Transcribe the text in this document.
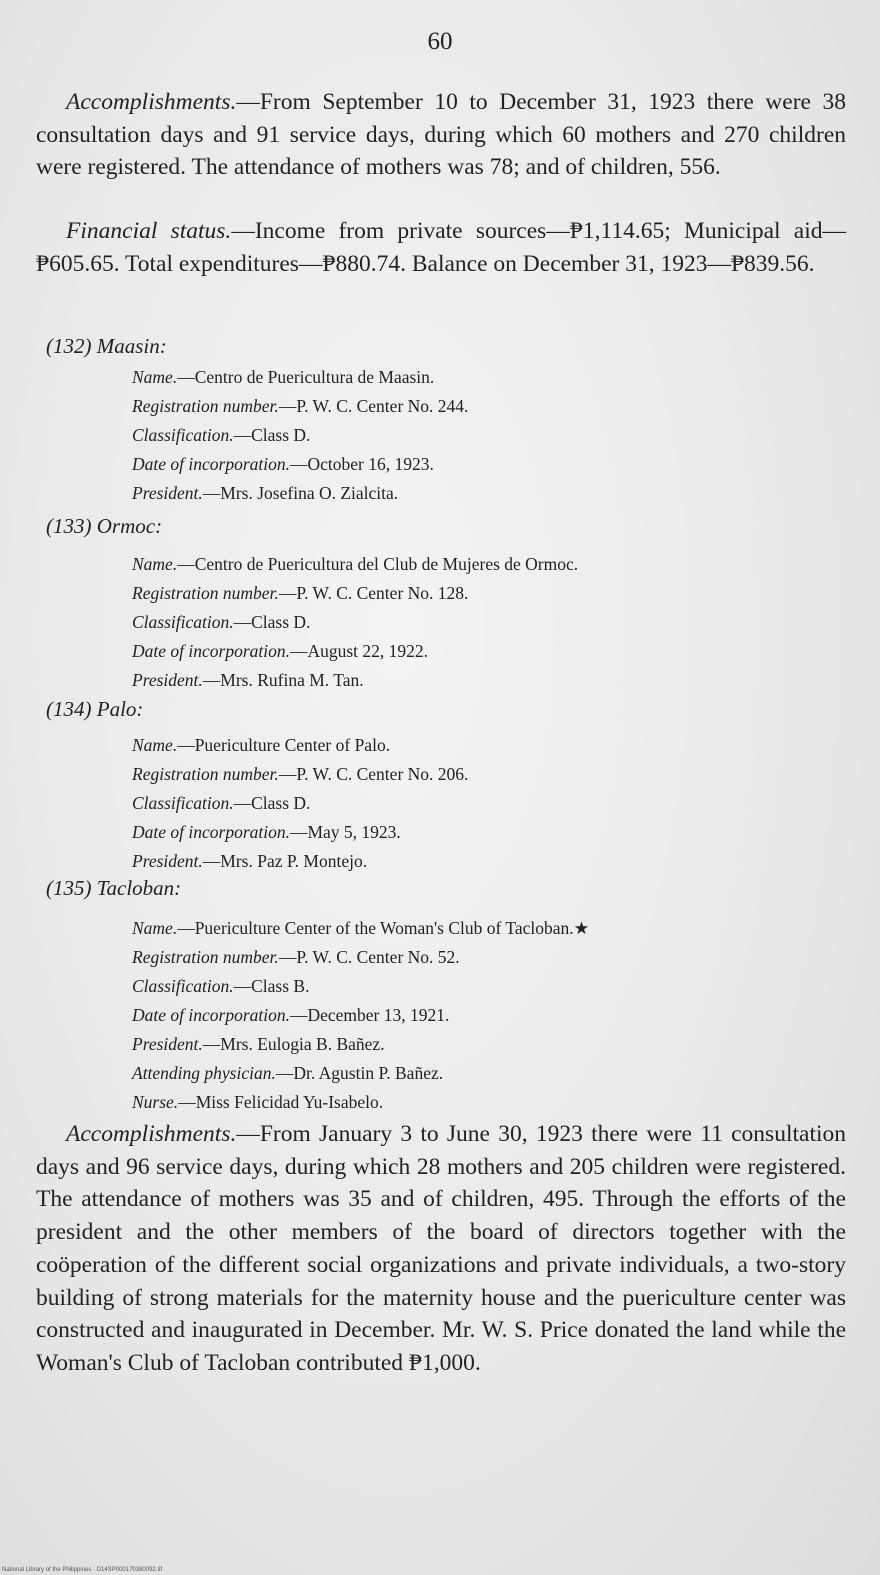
60

Accomplishments.—From September 10 to December 31, 1923 there were 38 consultation days and 91 service days, during which 60 mothers and 270 children were registered. The attendance of mothers was 78; and of children, 556.

Financial status.—Income from private sources—₱1,114.65; Municipal aid—₱605.65. Total expenditures—₱880.74. Balance on December 31, 1923—₱839.56.

(132) Maasin:
Name.—Centro de Puericultura de Maasin.
Registration number.—P. W. C. Center No. 244.
Classification.—Class D.
Date of incorporation.—October 16, 1923.
President.—Mrs. Josefina O. Zialcita.
(133) Ormoc:
Name.—Centro de Puericultura del Club de Mujeres de Ormoc.
Registration number.—P. W. C. Center No. 128.
Classification.—Class D.
Date of incorporation.—August 22, 1922.
President.—Mrs. Rufina M. Tan.
(134) Palo:
Name.—Puericulture Center of Palo.
Registration number.—P. W. C. Center No. 206.
Classification.—Class D.
Date of incorporation.—May 5, 1923.
President.—Mrs. Paz P. Montejo.
(135) Tacloban:
Name.—Puericulture Center of the Woman's Club of Tacloban.★
Registration number.—P. W. C. Center No. 52.
Classification.—Class B.
Date of incorporation.—December 13, 1921.
President.—Mrs. Eulogia B. Bañez.
Attending physician.—Dr. Agustin P. Bañez.
Nurse.—Miss Felicidad Yu-Isabelo.

Accomplishments.—From January 3 to June 30, 1923 there were 11 consultation days and 96 service days, during which 28 mothers and 205 children were registered. The attendance of mothers was 35 and of children, 495. Through the efforts of the president and the other members of the board of directors together with the coöperation of the different social organizations and private individuals, a two-story building of strong materials for the maternity house and the puericulture center was constructed and inaugurated in December. Mr. W. S. Price donated the land while the Woman's Club of Tacloban contributed ₱1,000.

National Library of the Philippines · D14SP000170380092.tif
